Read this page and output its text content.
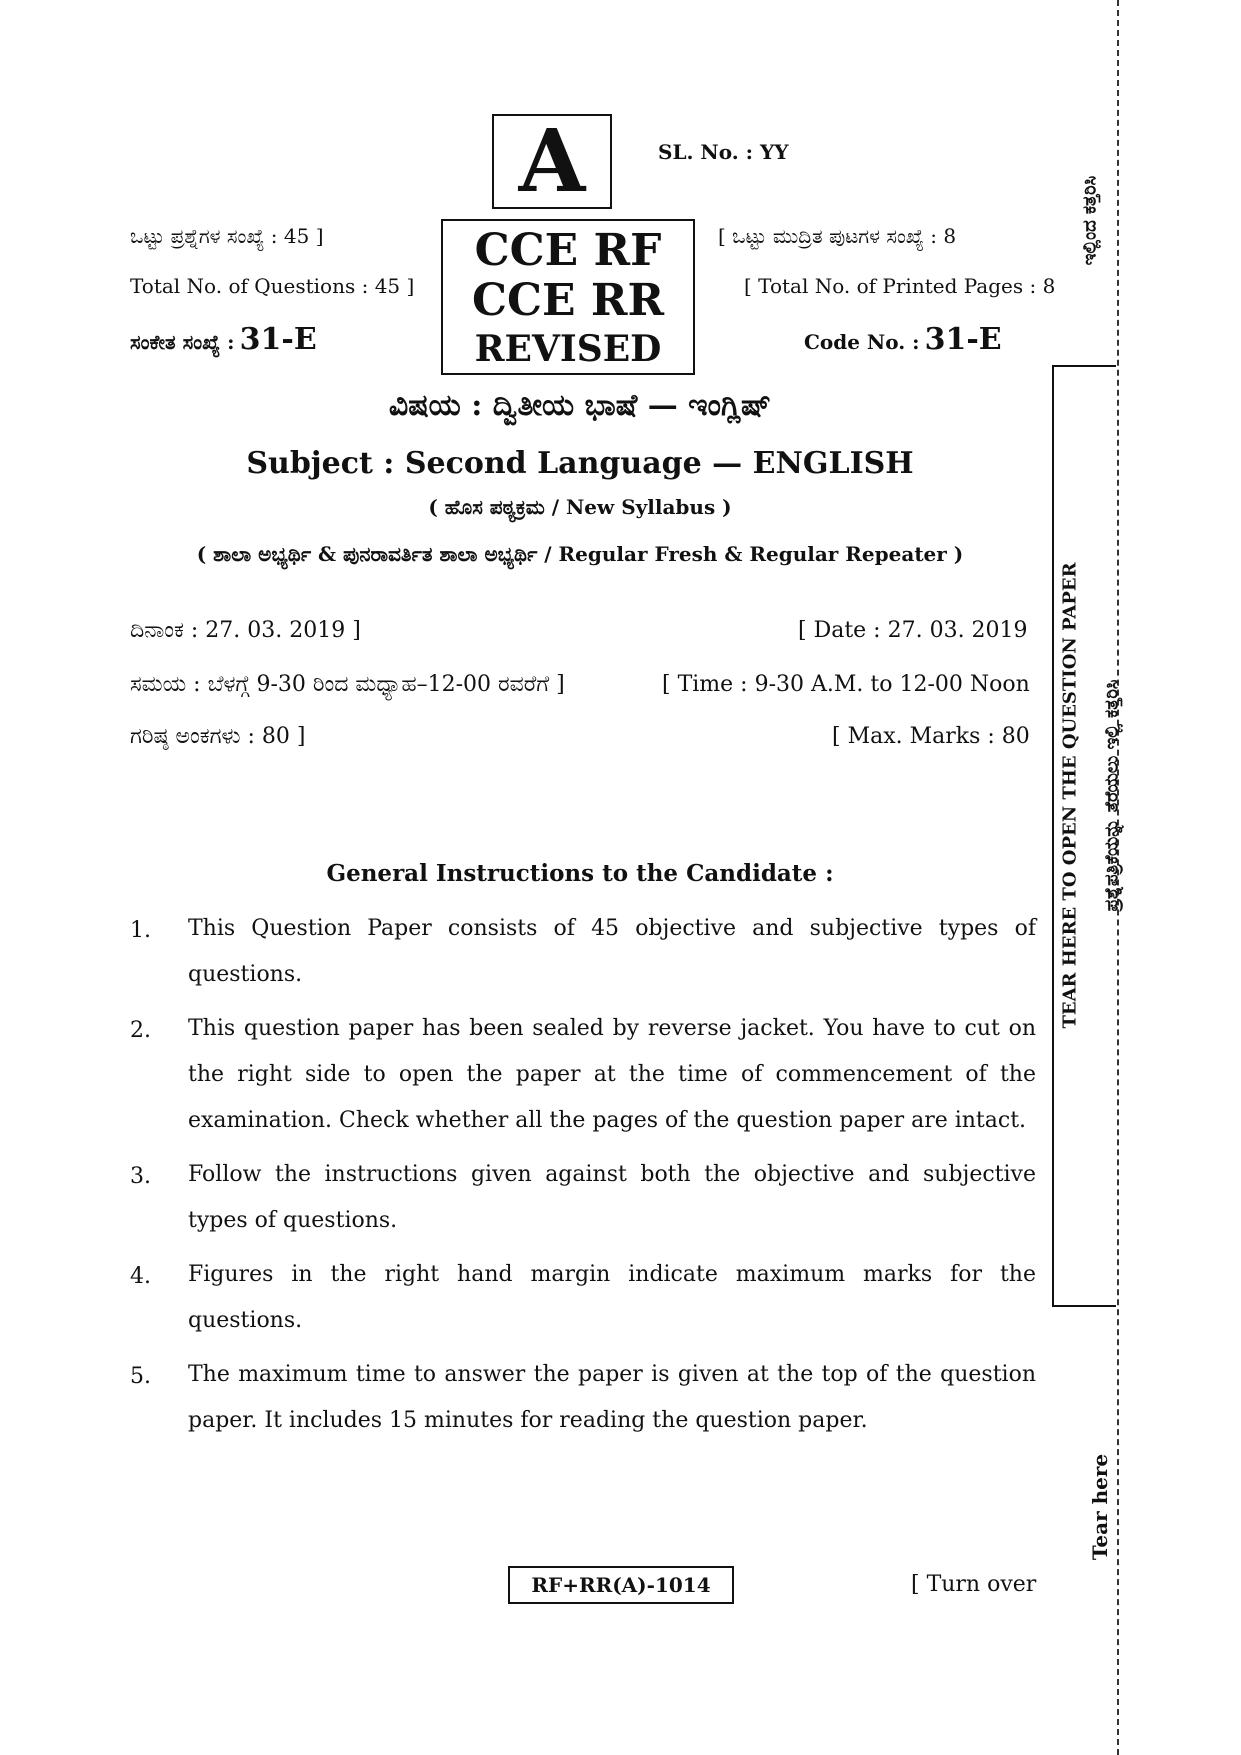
A	SL. No. : YY
CCE RF
CCE RR
REVISED
ಒಟ್ಟು ಪ್ರಶ್ನೆಗಳ ಸಂಖ್ಯೆ : 45 ]
Total No. of Questions : 45 ]
ಸಂಕೇತ ಸಂಖ್ಯೆ : 31-E
[ ಒಟ್ಟು ಮುದ್ರಿತ ಪುಟಗಳ ಸಂಖ್ಯೆ : 8
[ Total No. of Printed Pages : 8
Code No. : 31-E
ವಿಷಯ : ದ್ವಿತೀಯ ಭಾಷೆ — ಇಂಗ್ಲಿಷ್
Subject : Second Language — ENGLISH
( ಹೊಸ ಪಠ್ಯಕ್ರಮ / New Syllabus )
( ಶಾಲಾ ಅಭ್ಯರ್ಥಿ & ಪುನರಾವರ್ತಿತ ಶಾಲಾ ಅಭ್ಯರ್ಥಿ / Regular Fresh & Regular Repeater )
ದಿನಾಂಕ : 27. 03. 2019 ]	[ Date : 27. 03. 2019
ಸಮಯ : ಬೆಳಗ್ಗೆ 9-30 ರಿಂದ ಮಧ್ಯಾಹ–12-00 ರವರೆಗೆ ]	[ Time : 9-30 A.M. to 12-00 Noon
ಗರಿಷ್ಠ ಅಂಕಗಳು : 80 ]	[ Max. Marks : 80
General Instructions to the Candidate :
1. This Question Paper consists of 45 objective and subjective types of questions.
2. This question paper has been sealed by reverse jacket. You have to cut on the right side to open the paper at the time of commencement of the examination. Check whether all the pages of the question paper are intact.
3. Follow the instructions given against both the objective and subjective types of questions.
4. Figures in the right hand margin indicate maximum marks for the questions.
5. The maximum time to answer the paper is given at the top of the question paper. It includes 15 minutes for reading the question paper.
RF+RR(A)-1014	[ Turn over
TEAR HERE TO OPEN THE QUESTION PAPER ಪ್ರಶ್ನೆಪತ್ರಿಕೆಯನ್ನು ತೆರೆಯಲು ಇಲ್ಲಿ ಕತ್ತರಿಸಿ
ಇಲ್ಲಿಂದ ಕತ್ತರಿಸಿ
Tear here
